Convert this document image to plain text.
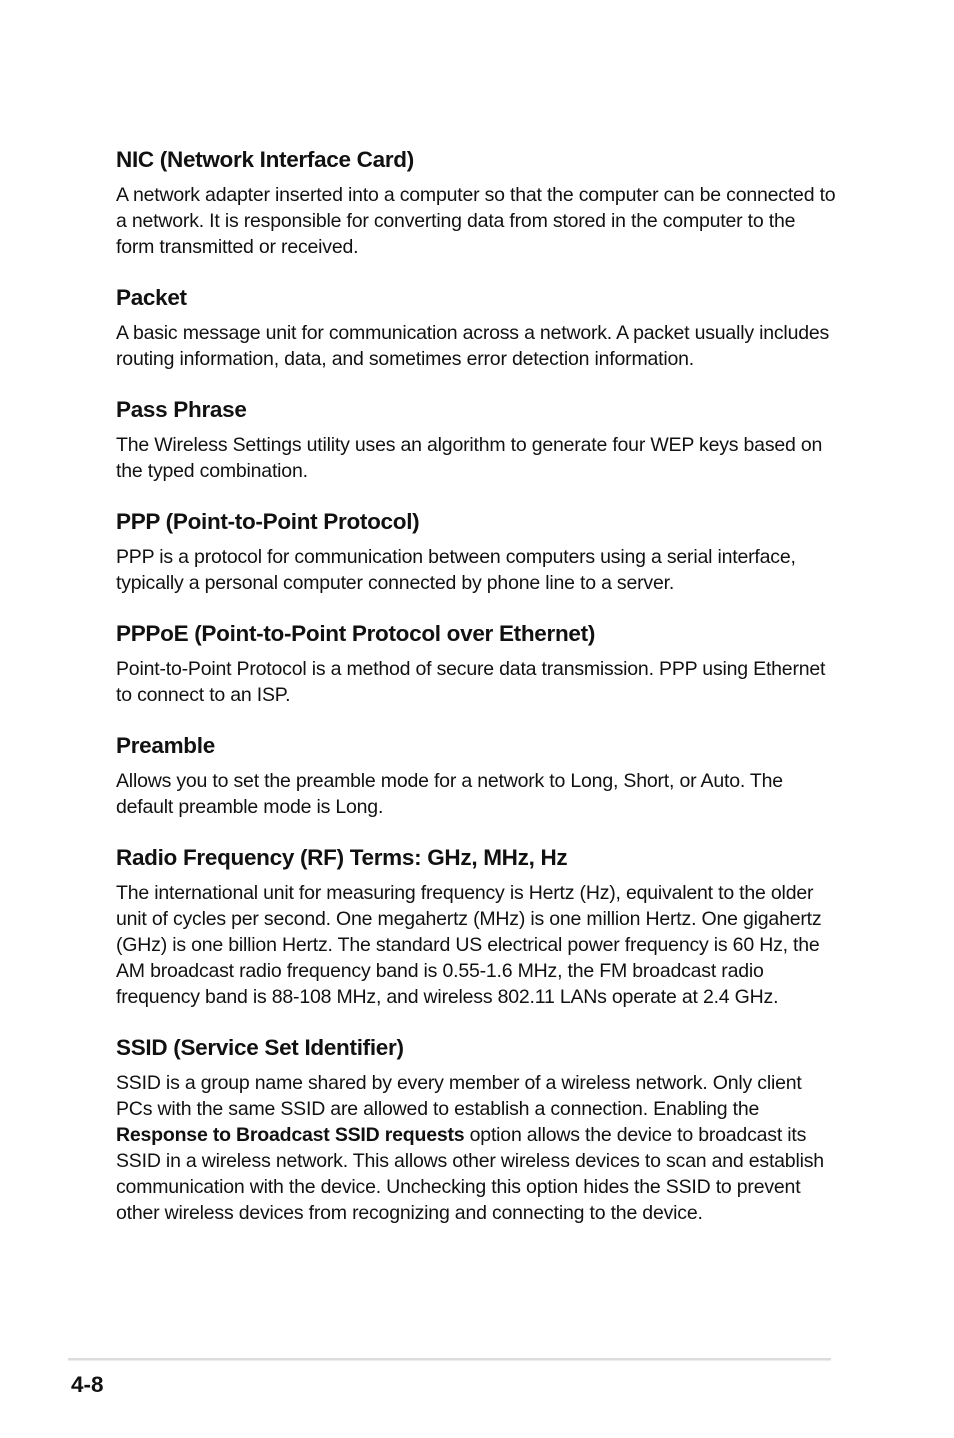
NIC (Network Interface Card)

A network adapter inserted into a computer so that the computer can be connected to a network. It is responsible for converting data from stored in the computer to the form transmitted or received.

Packet

A basic message unit for communication across a network. A packet usually includes routing information, data, and sometimes error detection information.

Pass Phrase

The Wireless Settings utility uses an algorithm to generate four WEP keys based on the typed combination.

PPP (Point-to-Point Protocol)

PPP is a protocol for communication between computers using a serial interface, typically a personal computer connected by phone line to a server.

PPPoE (Point-to-Point Protocol over Ethernet)

Point-to-Point Protocol is a method of secure data transmission. PPP using Ethernet to connect to an ISP.

Preamble

Allows you to set the preamble mode for a network to Long, Short, or Auto. The default preamble mode is Long.

Radio Frequency (RF) Terms: GHz, MHz, Hz

The international unit for measuring frequency is Hertz (Hz), equivalent to the older unit of cycles per second. One megahertz (MHz) is one million Hertz. One gigahertz (GHz) is one billion Hertz. The standard US electrical power frequency is 60 Hz, the AM broadcast radio frequency band is 0.55-1.6 MHz, the FM broadcast radio frequency band is 88-108 MHz, and wireless 802.11 LANs operate at 2.4 GHz.

SSID (Service Set Identifier)

SSID is a group name shared by every member of a wireless network. Only client PCs with the same SSID are allowed to establish a connection. Enabling the
Response to Broadcast SSID requests option allows the device to broadcast its SSID in a wireless network. This allows other wireless devices to scan and establish communication with the device. Unchecking this option hides the SSID to prevent other wireless devices from recognizing and connecting to the device.

4-8
